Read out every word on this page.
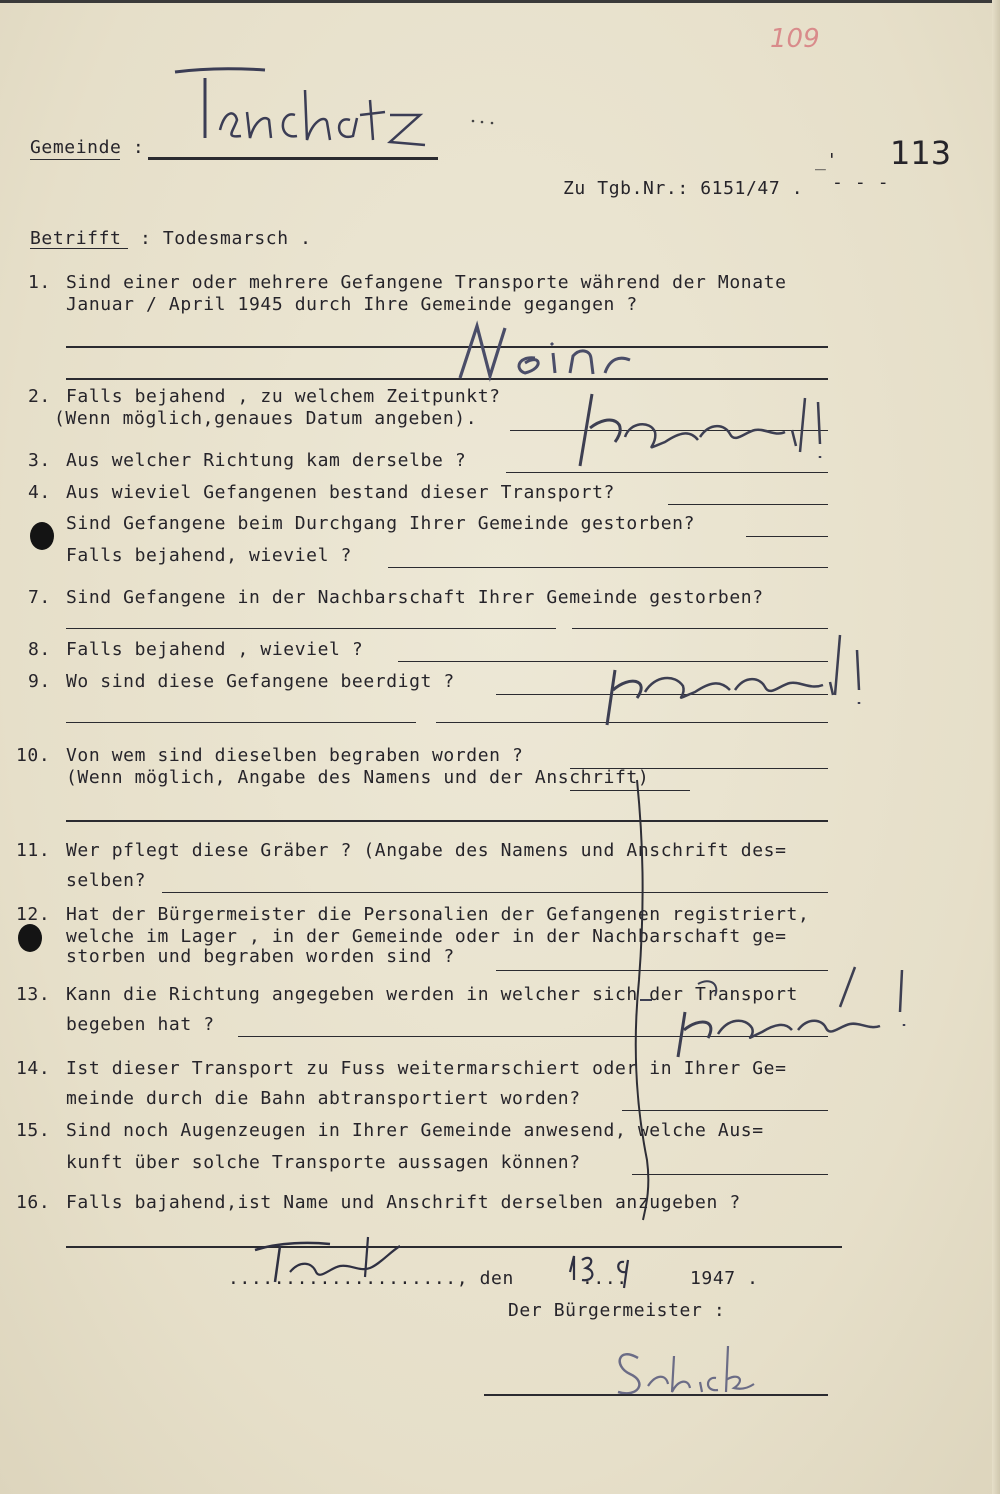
109
113
_'
Gemeinde :
Zu Tgb.Nr.: 6151/47 . - - -
Betrifft : Todesmarsch .
1. Sind einer oder mehrere Gefangene Transporte während der Monate
Januar / April 1945 durch Ihre Gemeinde gegangen ?
2. Falls bejahend , zu welchem Zeitpunkt?
(Wenn möglich,genaues Datum angeben).
3. Aus welcher Richtung kam derselbe ?
4. Aus wieviel Gefangenen bestand dieser Transport?
Sind Gefangene beim Durchgang Ihrer Gemeinde gestorben?
Falls bejahend, wieviel ?
7. Sind Gefangene in der Nachbarschaft Ihrer Gemeinde gestorben?
8. Falls bejahend , wieviel ?
9. Wo sind diese Gefangene beerdigt ?
10. Von wem sind dieselben begraben worden ?
(Wenn möglich, Angabe des Namens und der Anschrift)
11. Wer pflegt diese Gräber ? (Angabe des Namens und Anschrift des=
selben?
12. Hat der Bürgermeister die Personalien der Gefangenen registriert,
welche im Lager , in der Gemeinde oder in der Nachbarschaft ge=
storben und begraben worden sind ?
13. Kann die Richtung angegeben werden in welcher sich der Transport
begeben hat ?
14. Ist dieser Transport zu Fuss weitermarschiert oder in Ihrer Ge=
meinde durch die Bahn abtransportiert worden?
15. Sind noch Augenzeugen in Ihrer Gemeinde anwesend, welche Aus=
kunft über solche Transporte aussagen können?
16. Falls bajahend,ist Name und Anschrift derselben anzugeben ?
...................., den	....	1947 .
Der Bürgermeister :
